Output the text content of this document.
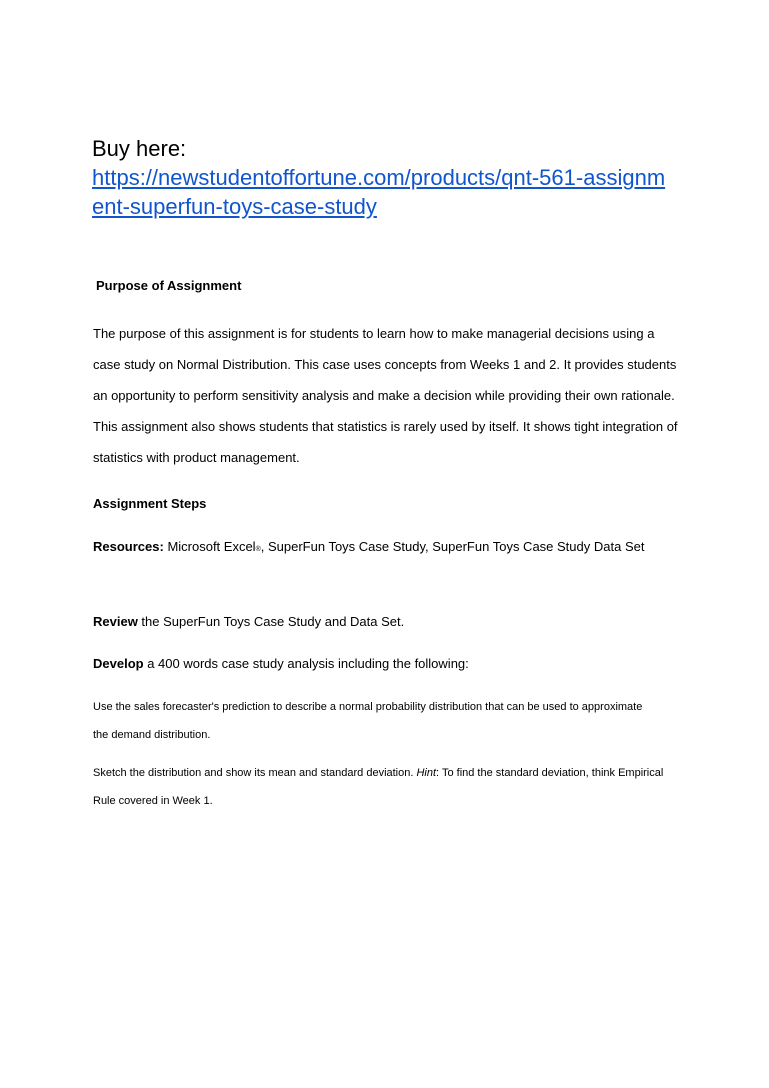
Buy here:
https://newstudentoffortune.com/products/qnt-561-assignment-superfun-toys-case-study
Purpose of Assignment

The purpose of this assignment is for students to learn how to make managerial decisions using a case study on Normal Distribution. This case uses concepts from Weeks 1 and 2. It provides students an opportunity to perform sensitivity analysis and make a decision while providing their own rationale. This assignment also shows students that statistics is rarely used by itself. It shows tight integration of statistics with product management.

Assignment Steps

Resources: Microsoft Excel®, SuperFun Toys Case Study, SuperFun Toys Case Study Data Set

Review the SuperFun Toys Case Study and Data Set.

Develop a 400 words case study analysis including the following:

Use the sales forecaster's prediction to describe a normal probability distribution that can be used to approximate the demand distribution.

Sketch the distribution and show its mean and standard deviation. Hint: To find the standard deviation, think Empirical Rule covered in Week 1.
